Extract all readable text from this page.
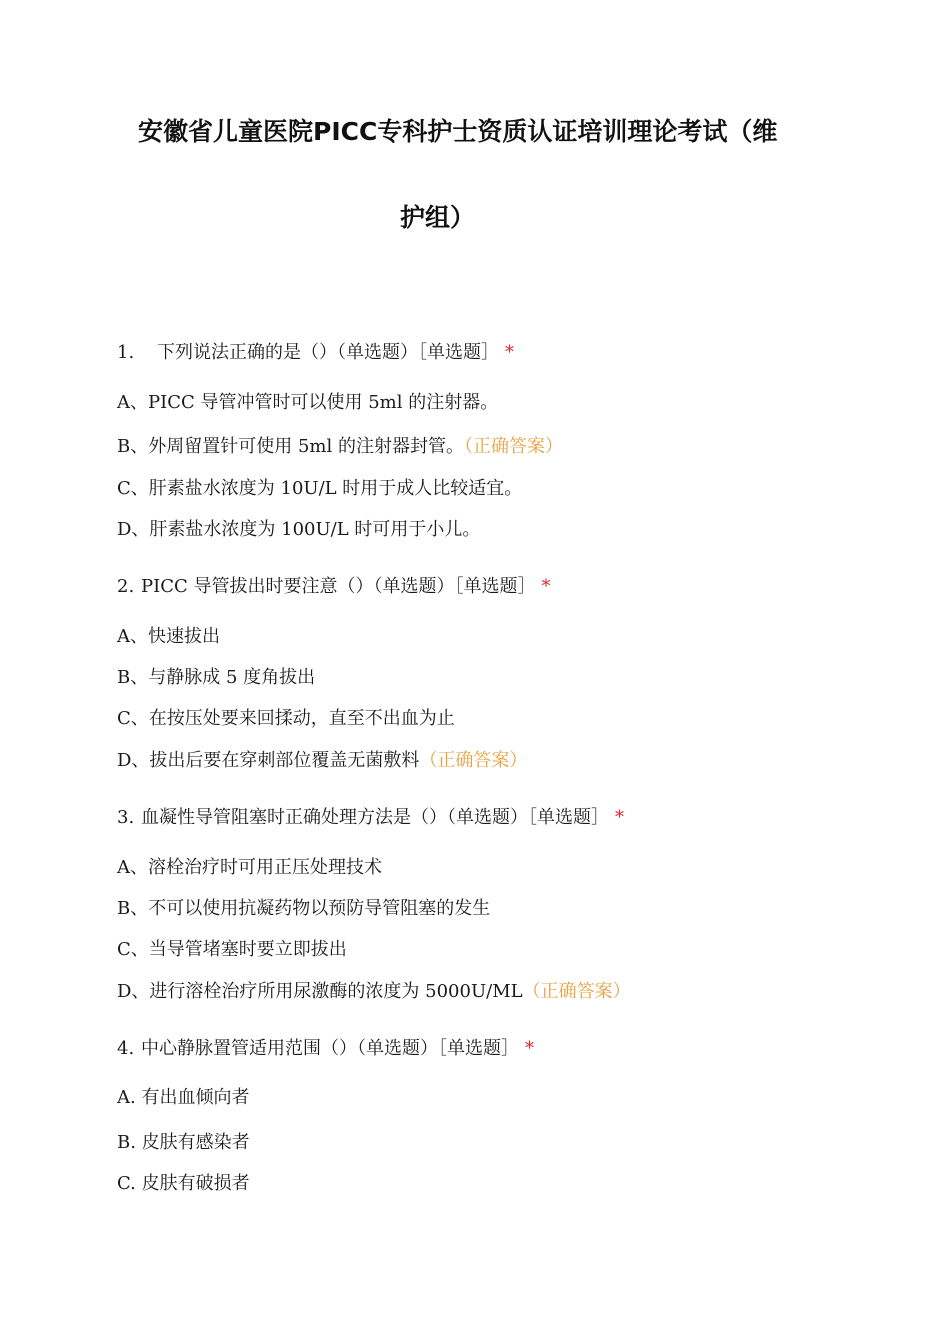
安徽省儿童医院PICC专科护士资质认证培训理论考试（维
护组）
1. 下列说法正确的是（）（单选题）［单选题］ *
A、PICC 导管冲管时可以使用 5ml 的注射器。
B、外周留置针可使用 5ml 的注射器封管。（正确答案）
C、肝素盐水浓度为 10U/L 时用于成人比较适宜。
D、肝素盐水浓度为 100U/L 时可用于小儿。
2. PICC 导管拔出时要注意（）（单选题）［单选题］ *
A、快速拔出
B、与静脉成 5 度角拔出
C、在按压处要来回揉动，直至不出血为止
D、拔出后要在穿刺部位覆盖无菌敷料（正确答案）
3. 血凝性导管阻塞时正确处理方法是（）（单选题）［单选题］ *
A、溶栓治疗时可用正压处理技术
B、不可以使用抗凝药物以预防导管阻塞的发生
C、当导管堵塞时要立即拔出
D、进行溶栓治疗所用尿激酶的浓度为 5000U/ML（正确答案）
4. 中心静脉置管适用范围（）（单选题）［单选题］ *
A. 有出血倾向者
B. 皮肤有感染者
C. 皮肤有破损者
